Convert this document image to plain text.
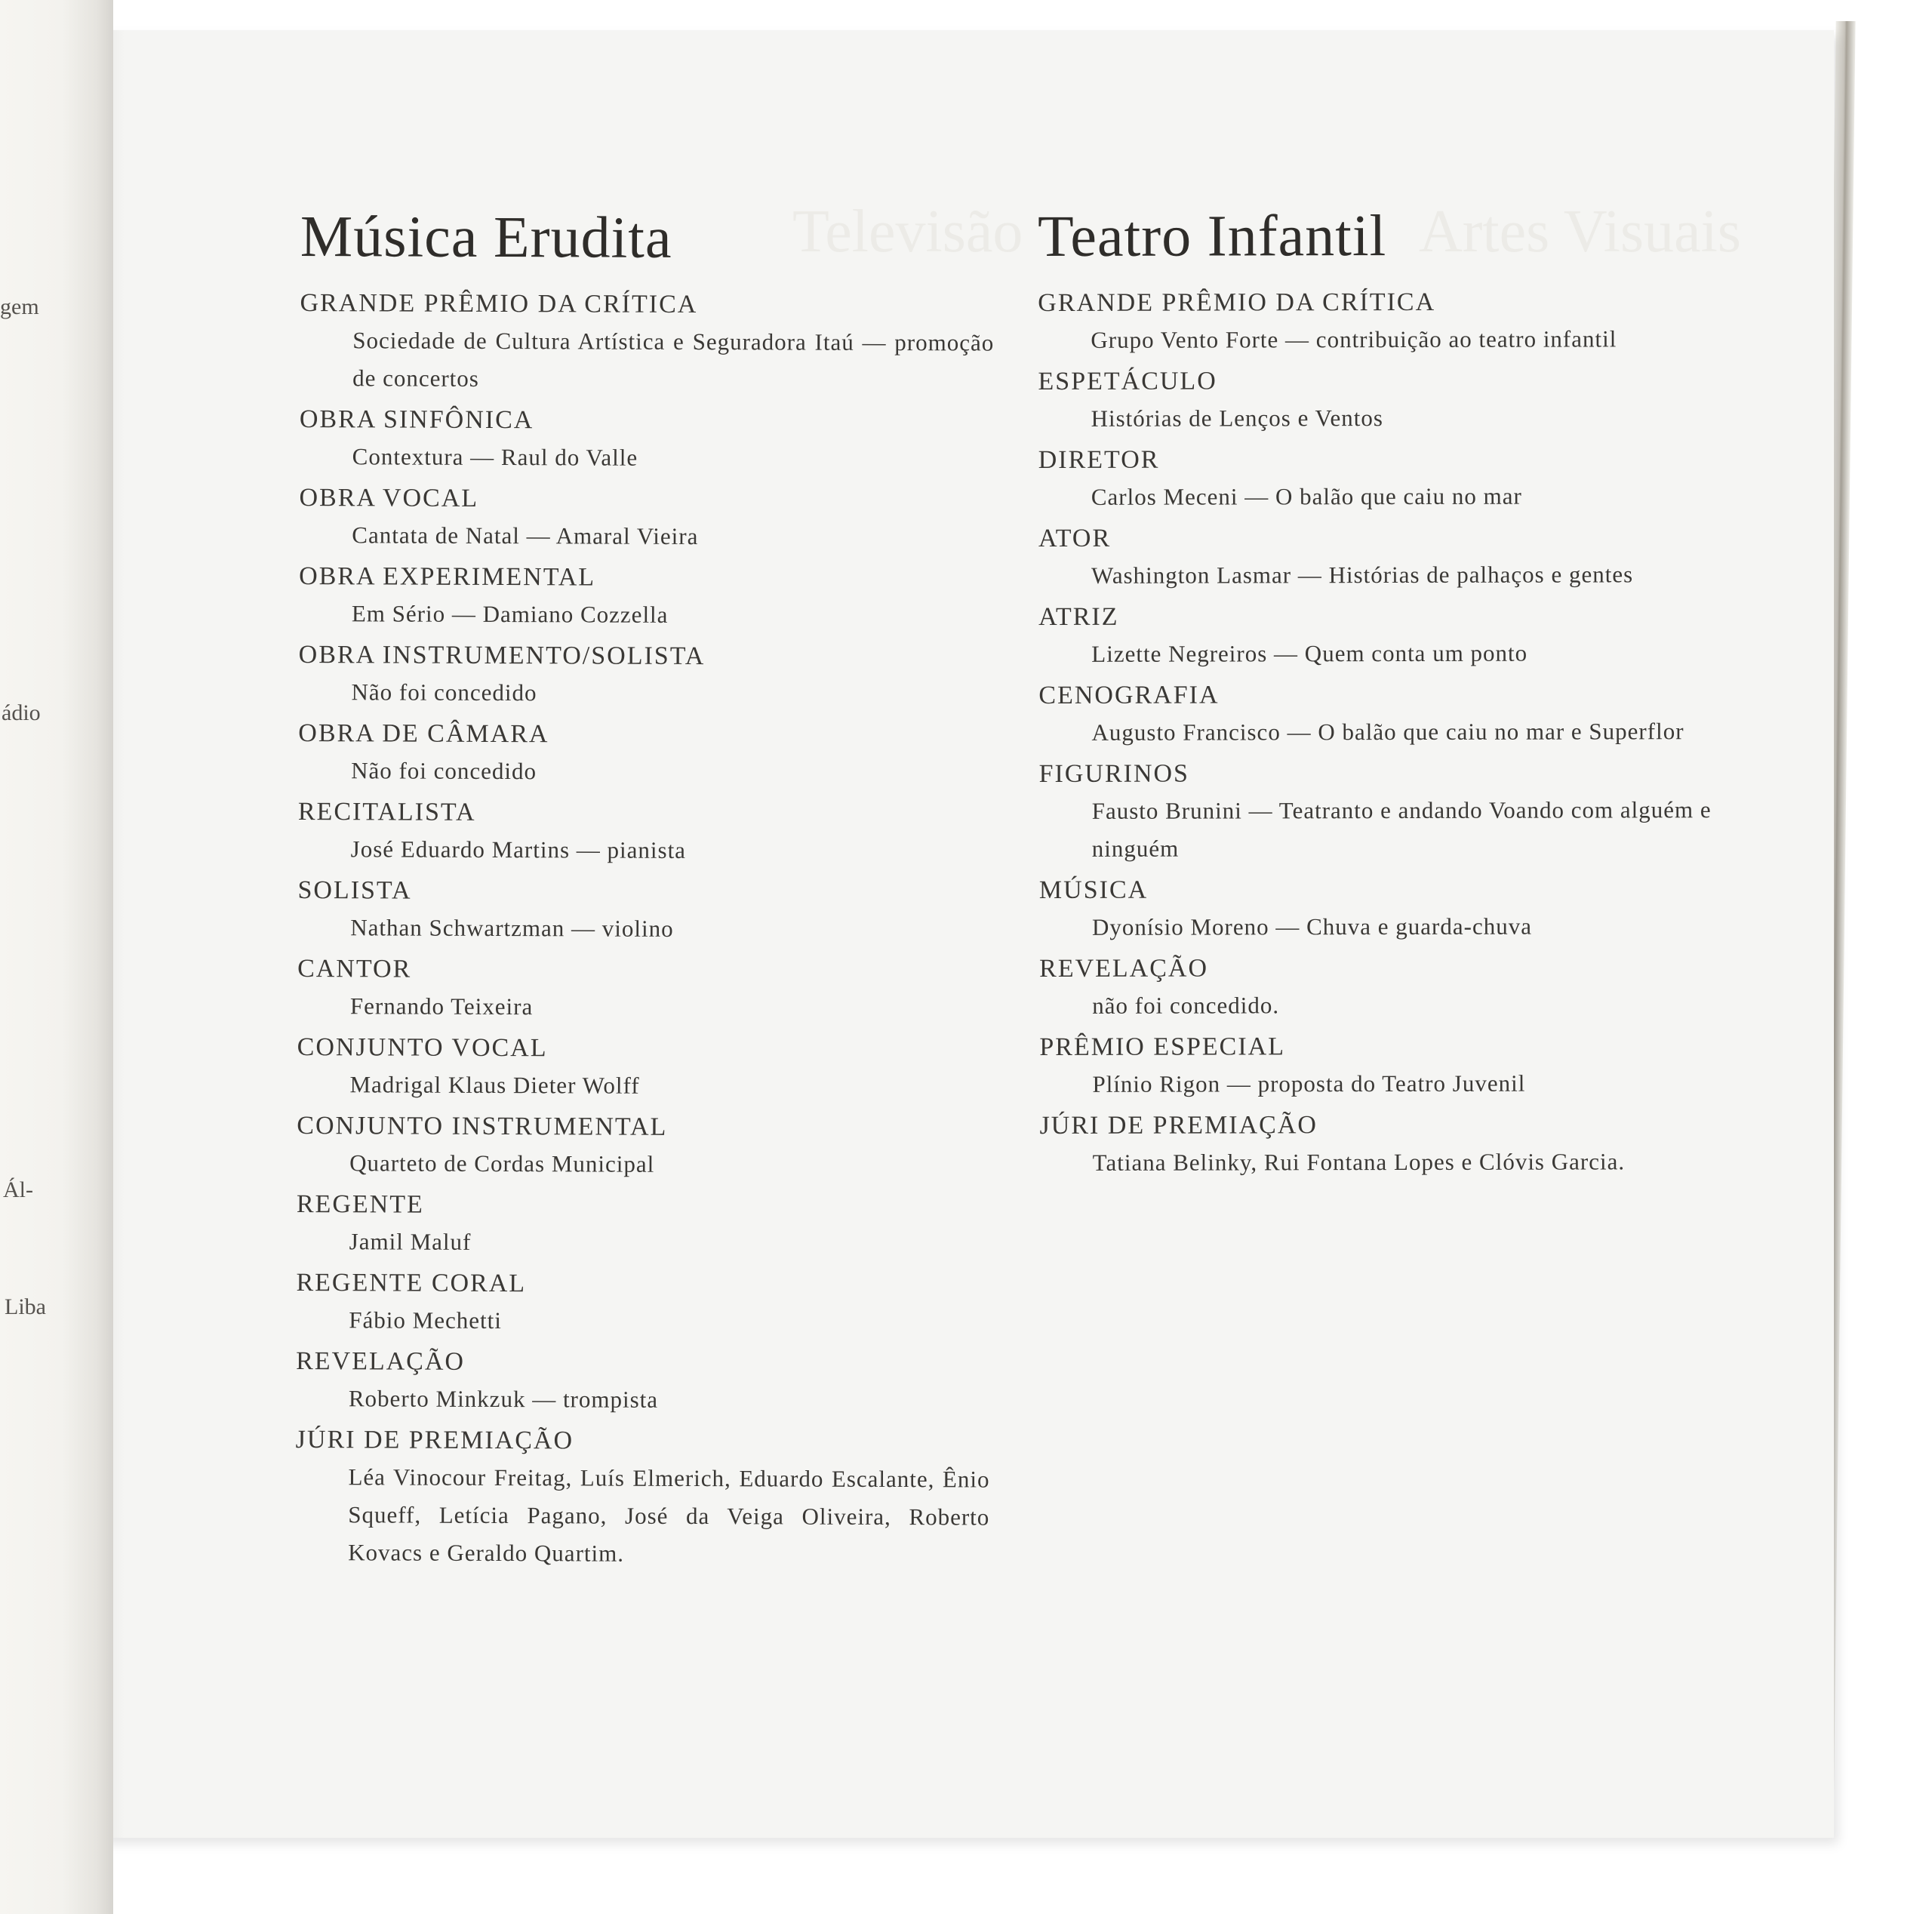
gem
ádio
Ál-
Liba
Televisão	Artes Visuais
Música Erudita
GRANDE PRÊMIO DA CRÍTICA
Sociedade de Cultura Artística e Seguradora Itaú — promoção de concertos
OBRA SINFÔNICA
Contextura — Raul do Valle
OBRA VOCAL
Cantata de Natal — Amaral Vieira
OBRA EXPERIMENTAL
Em Sério — Damiano Cozzella
OBRA INSTRUMENTO/SOLISTA
Não foi concedido
OBRA DE CÂMARA
Não foi concedido
RECITALISTA
José Eduardo Martins — pianista
SOLISTA
Nathan Schwartzman — violino
CANTOR
Fernando Teixeira
CONJUNTO VOCAL
Madrigal Klaus Dieter Wolff
CONJUNTO INSTRUMENTAL
Quarteto de Cordas Municipal
REGENTE
Jamil Maluf
REGENTE CORAL
Fábio Mechetti
REVELAÇÃO
Roberto Minkzuk — trompista
JÚRI DE PREMIAÇÃO
Léa Vinocour Freitag, Luís Elmerich, Eduardo Escalante, Ênio Squeff, Letícia Pagano, José da Veiga Oliveira, Roberto Kovacs e Geraldo Quartim.
Teatro Infantil
GRANDE PRÊMIO DA CRÍTICA
Grupo Vento Forte — contribuição ao teatro infantil
ESPETÁCULO
Histórias de Lenços e Ventos
DIRETOR
Carlos Meceni — O balão que caiu no mar
ATOR
Washington Lasmar — Histórias de palhaços e gentes
ATRIZ
Lizette Negreiros — Quem conta um ponto
CENOGRAFIA
Augusto Francisco — O balão que caiu no mar e Superflor
FIGURINOS
Fausto Brunini — Teatranto e andando Voando com alguém e ninguém
MÚSICA
Dyonísio Moreno — Chuva e guarda-chuva
REVELAÇÃO
não foi concedido.
PRÊMIO ESPECIAL
Plínio Rigon — proposta do Teatro Juvenil
JÚRI DE PREMIAÇÃO
Tatiana Belinky, Rui Fontana Lopes e Clóvis Garcia.
